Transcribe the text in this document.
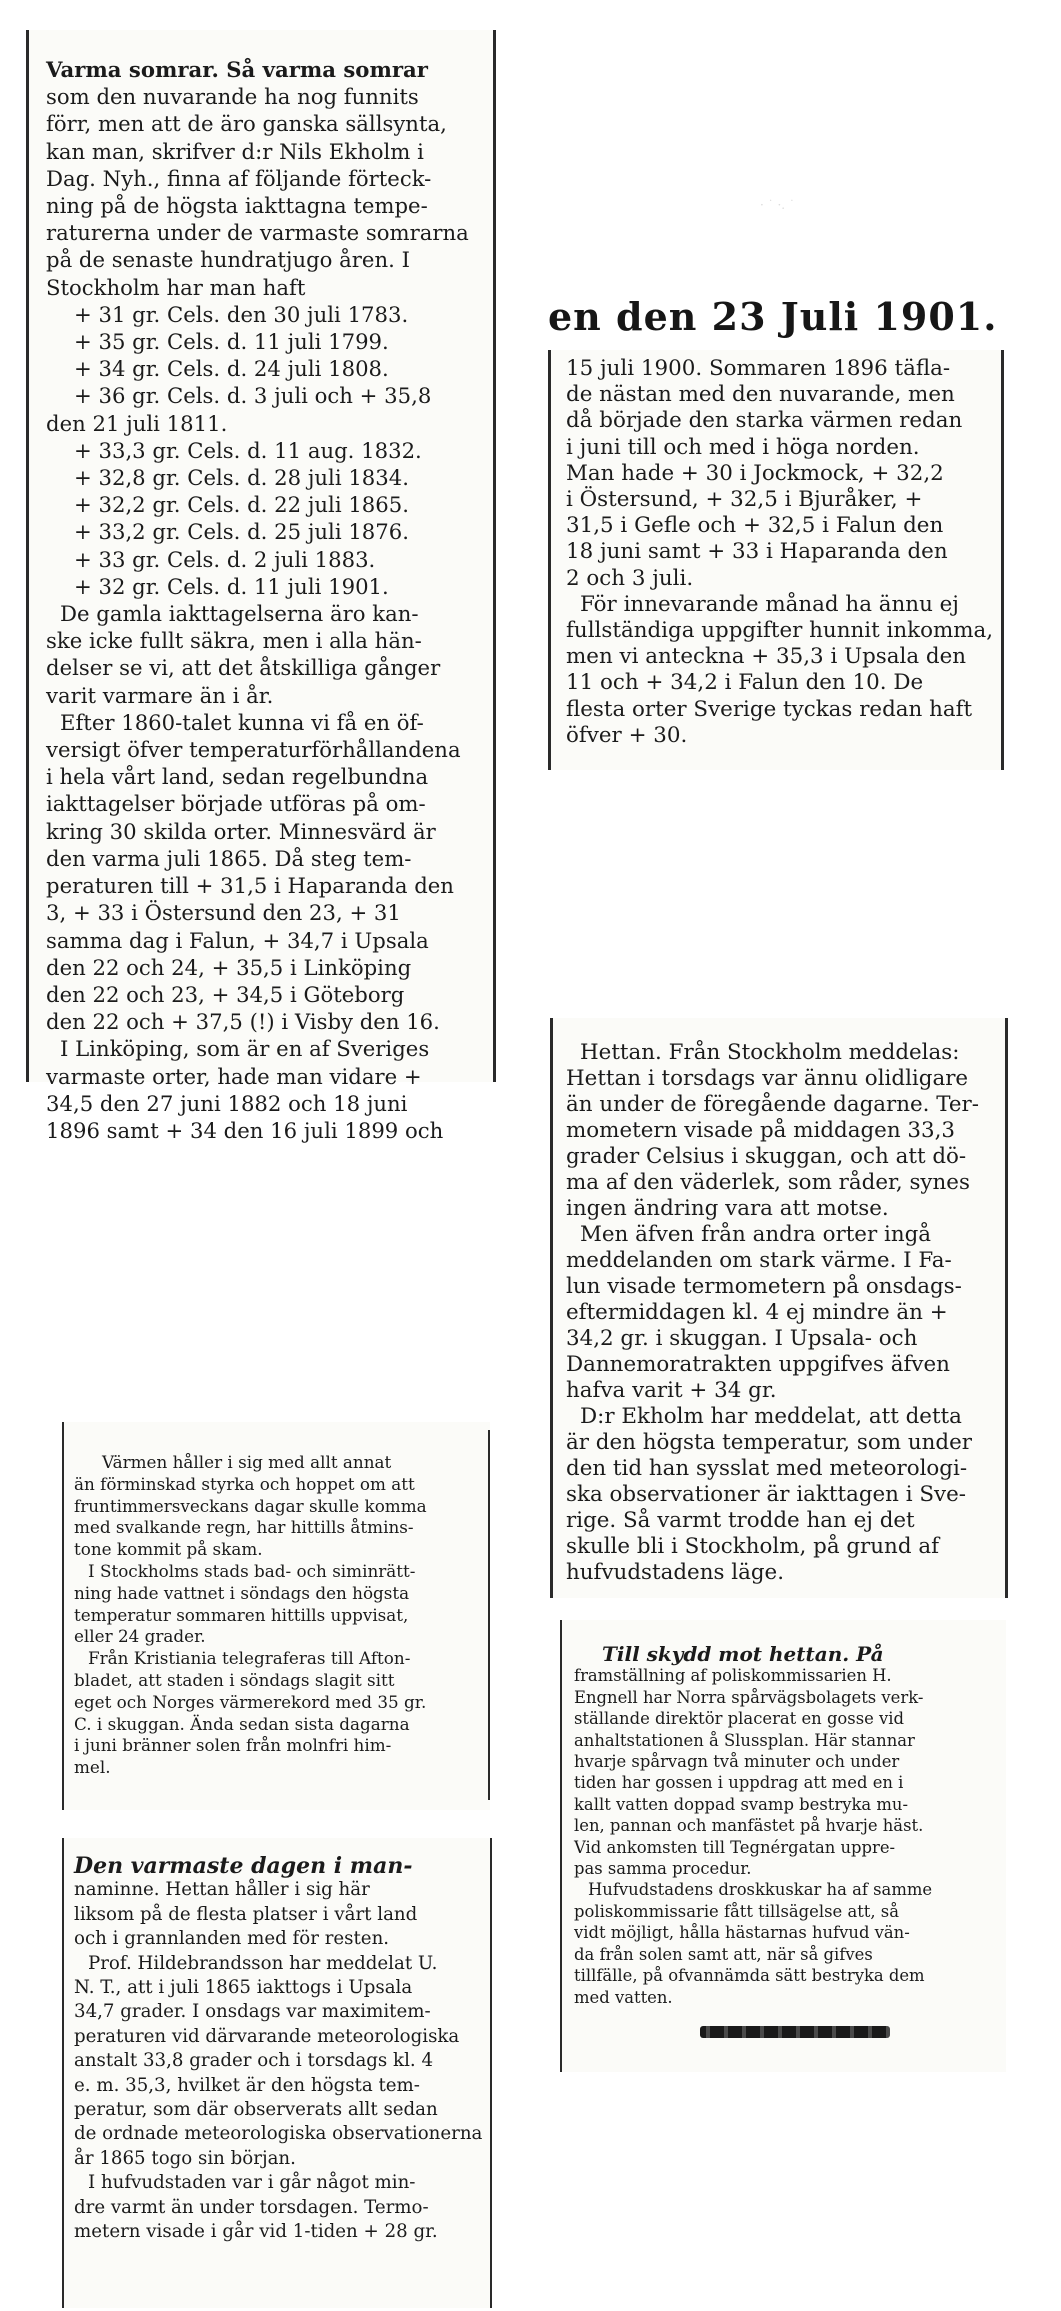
Varma somrar. Så varma somrar
som den nuvarande ha nog funnits
förr, men att de äro ganska sällsynta,
kan man, skrifver d:r Nils Ekholm i
Dag. Nyh., finna af följande förteck-
ning på de högsta iakttagna tempe-
raturerna under de varmaste somrarna
på de senaste hundratjugo åren. I
Stockholm har man haft
+ 31 gr. Cels. den 30 juli 1783.
+ 35 gr. Cels. d. 11 juli 1799.
+ 34 gr. Cels. d. 24 juli 1808.
+ 36 gr. Cels. d. 3 juli och + 35,8
den 21 juli 1811.
+ 33,3 gr. Cels. d. 11 aug. 1832.
+ 32,8 gr. Cels. d. 28 juli 1834.
+ 32,2 gr. Cels. d. 22 juli 1865.
+ 33,2 gr. Cels. d. 25 juli 1876.
+ 33 gr. Cels. d. 2 juli 1883.
+ 32 gr. Cels. d. 11 juli 1901.
De gamla iakttagelserna äro kan-
ske icke fullt säkra, men i alla hän-
delser se vi, att det åtskilliga gånger
varit varmare än i år.
Efter 1860-talet kunna vi få en öf-
versigt öfver temperaturförhållandena
i hela vårt land, sedan regelbundna
iakttagelser började utföras på om-
kring 30 skilda orter. Minnesvärd är
den varma juli 1865. Då steg tem-
peraturen till + 31,5 i Haparanda den
3, + 33 i Östersund den 23, + 31
samma dag i Falun, + 34,7 i Upsala
den 22 och 24, + 35,5 i Linköping
den 22 och 23, + 34,5 i Göteborg
den 22 och + 37,5 (!) i Visby den 16.
I Linköping, som är en af Sveriges
varmaste orter, hade man vidare +
34,5 den 27 juni 1882 och 18 juni
1896 samt + 34 den 16 juli 1899 och
· ˙ ·. ˙
en den 23 Juli 1901.
15 juli 1900. Sommaren 1896 täfla-
de nästan med den nuvarande, men
då började den starka värmen redan
i juni till och med i höga norden.
Man hade + 30 i Jockmock, + 32,2
i Östersund, + 32,5 i Bjuråker, +
31,5 i Gefle och + 32,5 i Falun den
18 juni samt + 33 i Haparanda den
2 och 3 juli.
För innevarande månad ha ännu ej
fullständiga uppgifter hunnit inkomma,
men vi anteckna + 35,3 i Upsala den
11 och + 34,2 i Falun den 10. De
flesta orter Sverige tyckas redan haft
öfver + 30.
Hettan. Från Stockholm meddelas:
Hettan i torsdags var ännu olidligare
än under de föregående dagarne. Ter-
mometern visade på middagen 33,3
grader Celsius i skuggan, och att dö-
ma af den väderlek, som råder, synes
ingen ändring vara att motse.
Men äfven från andra orter ingå
meddelanden om stark värme. I Fa-
lun visade termometern på onsdags-
eftermiddagen kl. 4 ej mindre än +
34,2 gr. i skuggan. I Upsala- och
Dannemoratrakten uppgifves äfven
hafva varit + 34 gr.
D:r Ekholm har meddelat, att detta
är den högsta temperatur, som under
den tid han sysslat med meteorologi-
ska observationer är iakttagen i Sve-
rige. Så varmt trodde han ej det
skulle bli i Stockholm, på grund af
hufvudstadens läge.
Värmen håller i sig med allt annat
än förminskad styrka och hoppet om att
fruntimmersveckans dagar skulle komma
med svalkande regn, har hittills åtmins-
tone kommit på skam.
I Stockholms stads bad- och siminrätt-
ning hade vattnet i söndags den högsta
temperatur sommaren hittills uppvisat,
eller 24 grader.
Från Kristiania telegraferas till Afton-
bladet, att staden i söndags slagit sitt
eget och Norges värmerekord med 35 gr.
C. i skuggan. Ända sedan sista dagarna
i juni bränner solen från molnfri him-
mel.
Den varmaste dagen i man-
naminne. Hettan håller i sig här
liksom på de flesta platser i vårt land
och i grannlanden med för resten.
Prof. Hildebrandsson har meddelat U.
N. T., att i juli 1865 iakttogs i Upsala
34,7 grader. I onsdags var maximitem-
peraturen vid därvarande meteorologiska
anstalt 33,8 grader och i torsdags kl. 4
e. m. 35,3, hvilket är den högsta tem-
peratur, som där observerats allt sedan
de ordnade meteorologiska observationerna
år 1865 togo sin början.
I hufvudstaden var i går något min-
dre varmt än under torsdagen. Termo-
metern visade i går vid 1-tiden + 28 gr.
Till skydd mot hettan. På
framställning af poliskommissarien H.
Engnell har Norra spårvägsbolagets verk-
ställande direktör placerat en gosse vid
anhaltstationen å Slussplan. Här stannar
hvarje spårvagn två minuter och under
tiden har gossen i uppdrag att med en i
kallt vatten doppad svamp bestryka mu-
len, pannan och manfästet på hvarje häst.
Vid ankomsten till Tegnérgatan uppre-
pas samma procedur.
Hufvudstadens droskkuskar ha af samme
poliskommissarie fått tillsägelse att, så
vidt möjligt, hålla hästarnas hufvud vän-
da från solen samt att, när så gifves
tillfälle, på ofvannämda sätt bestryka dem
med vatten.
